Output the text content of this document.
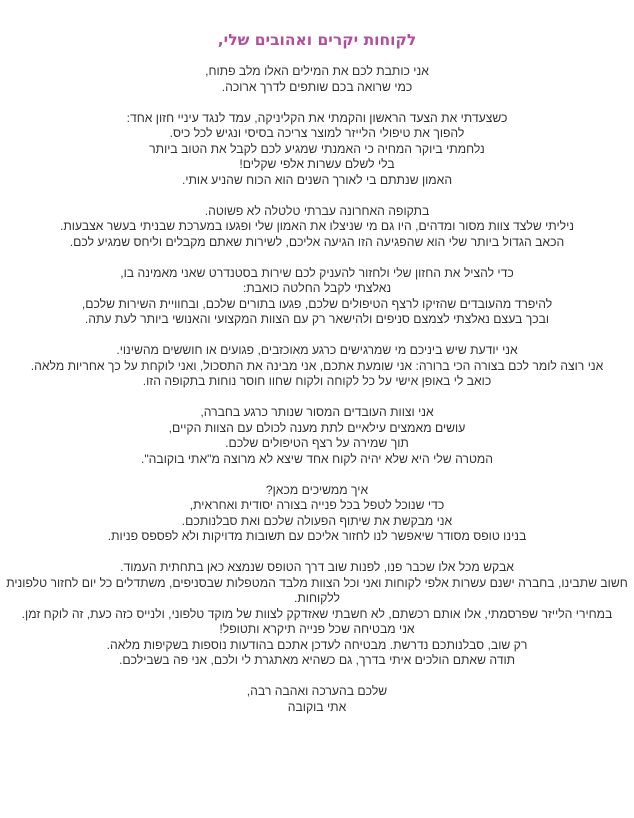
לקוחות יקרים ואהובים שלי,
אני כותבת לכם את המילים האלו מלב פתוח,
כמי שרואה בכם שותפים לדרך ארוכה.
כשצעדתי את הצעד הראשון והקמתי את הקליניקה, עמד לנגד עיניי חזון אחד:
להפוך את טיפולי הלייזר למוצר צריכה בסיסי ונגיש לכל כיס.
נלחמתי ביוקר המחיה כי האמנתי שמגיע לכם לקבל את הטוב ביותר
בלי לשלם עשרות אלפי שקלים!
האמון שנתתם בי לאורך השנים הוא הכוח שהניע אותי.
בתקופה האחרונה עברתי טלטלה לא פשוטה.
ניליתי שלצד צוות מסור ומדהים, היו גם מי שניצלו את האמון שלי ופגעו במערכת שבניתי בעשר אצבעות.
הכאב הגדול ביותר שלי הוא שהפגיעה הזו הגיעה אליכם, לשירות שאתם מקבלים וליחס שמגיע לכם.
כדי להציל את החזון שלי ולחזור להעניק לכם שירות בסטנדרט שאני מאמינה בו,
נאלצתי לקבל החלטה כואבת:
להיפרד מהעובדים שהזיקו לרצף הטיפולים שלכם, פגעו בתורים שלכם, ובחוויית השירות שלכם,
ובכך בעצם נאלצתי לצמצם סניפים ולהישאר רק עם הצוות המקצועי והאנושי ביותר לעת עתה.
אני יודעת שיש ביניכם מי שמרגישים כרגע מאוכזבים, פגועים או חוששים מהשינוי.
אני רוצה לומר לכם בצורה הכי ברורה: אני שומעת אתכם, אני מבינה את התסכול, ואני לוקחת על כך אחריות מלאה.
כואב לי באופן אישי על כל לקוחה ולקוח שחוו חוסר נוחות בתקופה הזו.
אני וצוות העובדים המסור שנותר כרגע בחברה,
עושים מאמצים עילאיים לתת מענה לכולם עם הצוות הקיים,
תוך שמירה על רצף הטיפולים שלכם.
המטרה שלי היא שלא יהיה לקוח אחד שיצא לא מרוצה מ"אתי בוקובה".
איך ממשיכים מכאן?
כדי שנוכל לטפל בכל פנייה בצורה יסודית ואחראית,
אני מבקשת את שיתוף הפעולה שלכם ואת סבלנותכם.
בנינו טופס מסודר שיאפשר לנו לחזור אליכם עם תשובות מדויקות ולא לפספס פניות.
אבקש מכל אלו שכבר פנו, לפנות שוב דרך הטופס שנמצא כאן בתחתית העמוד.
חשוב שתבינו, בחברה ישנם עשרות אלפי לקוחות ואני וכל הצוות מלבד המטפלות שבסניפים, משתדלים כל יום לחזור טלפונית ללקוחות.
במחירי הלייזר שפרסמתי, אלו אותם רכשתם, לא חשבתי שאזדקק לצוות של מוקד טלפוני, ולנייס כזה כעת, זה לוקח זמן.
אני מבטיחה שכל פנייה תיקרא ותטופל!
רק שוב, סבלנותכם נדרשת. מבטיחה לעדכן אתכם בהודעות נוספות בשקיפות מלאה.
תודה שאתם הולכים איתי בדרך, גם כשהיא מאתגרת לי ולכם, אני פה בשבילכם.
שלכם בהערכה ואהבה רבה,
אתי בוקובה
